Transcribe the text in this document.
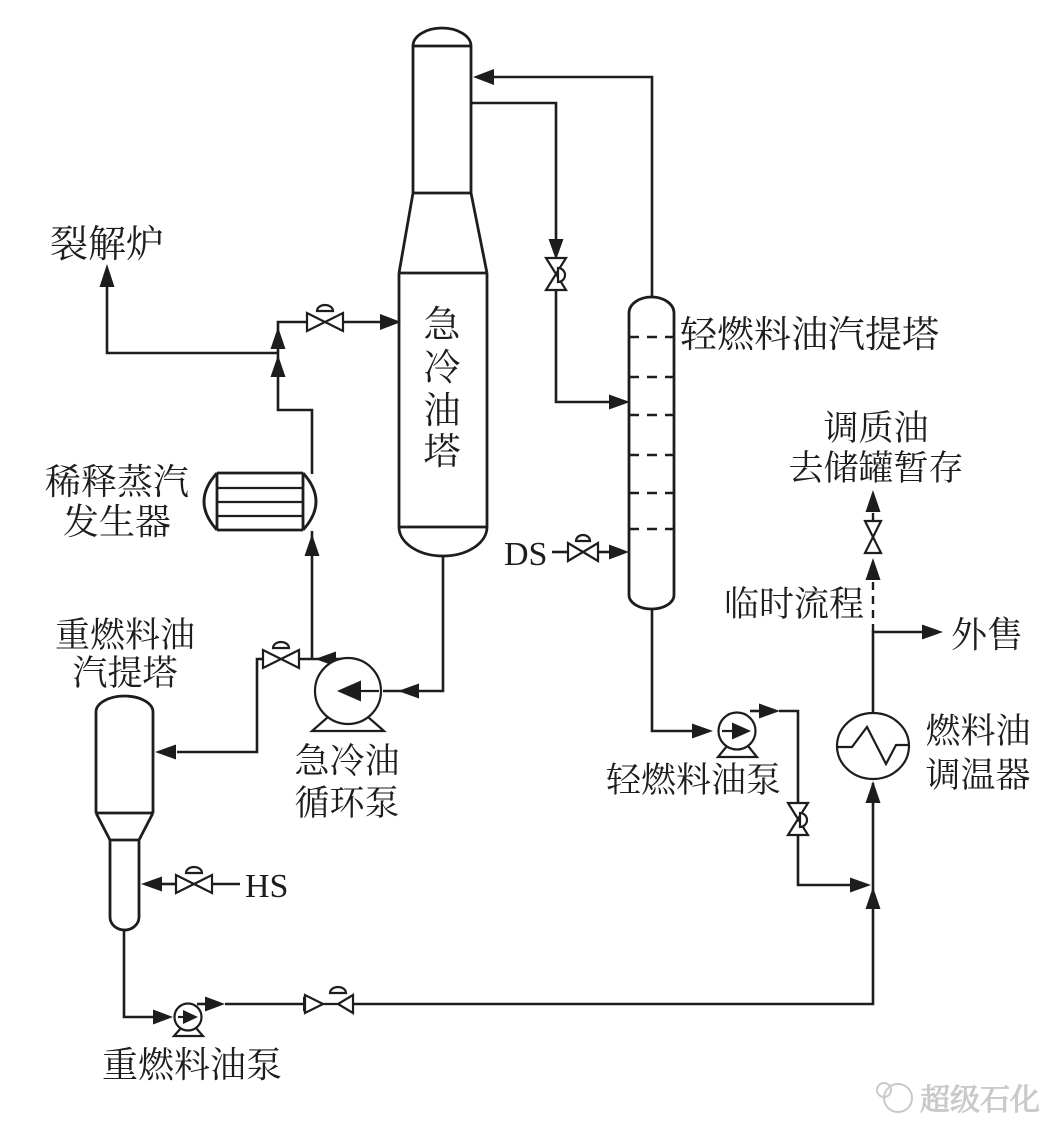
急
冷
油
塔
轻燃料油汽提塔
稀释蒸汽
发生器
重燃料油
汽提塔
急冷油
循环泵
轻燃料油泵
重燃料油泵
燃料油
调温器
裂解炉
HS
DS
调质油
去储罐暂存
临时流程
外售
超级石化
